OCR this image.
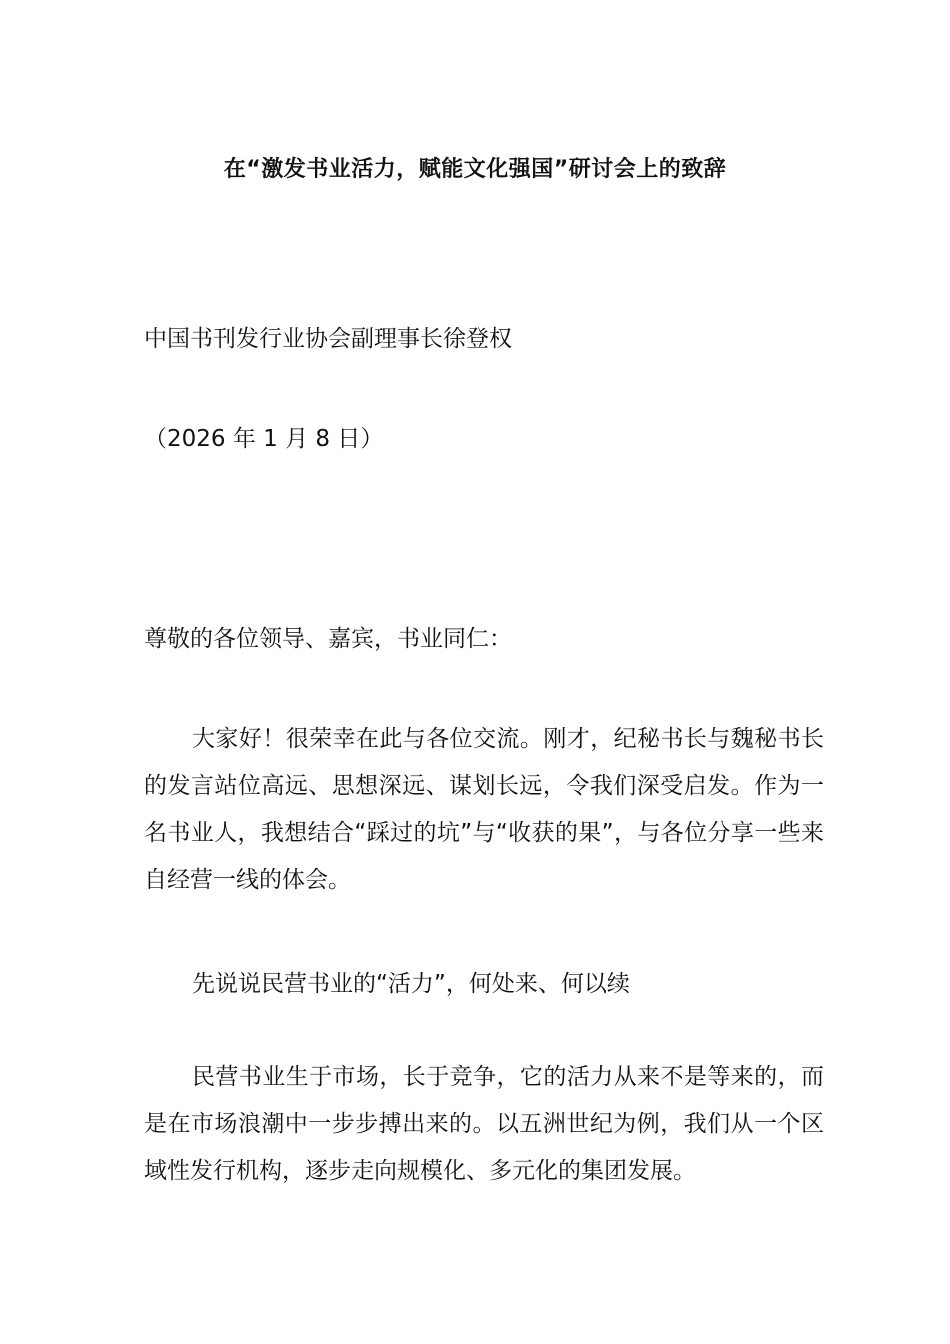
在“激发书业活力，赋能文化强国”研讨会上的致辞
中国书刊发行业协会副理事长徐登权
（2026 年 1 月 8 日）
尊敬的各位领导、嘉宾，书业同仁：
大家好！很荣幸在此与各位交流。刚才，纪秘书长与魏秘书长的发言站位高远、思想深远、谋划长远，令我们深受启发。作为一名书业人，我想结合“踩过的坑”与“收获的果”，与各位分享一些来自经营一线的体会。
先说说民营书业的“活力”，何处来、何以续
民营书业生于市场，长于竞争，它的活力从来不是等来的，而是在市场浪潮中一步步搏出来的。以五洲世纪为例，我们从一个区域性发行机构，逐步走向规模化、多元化的集团发展。
